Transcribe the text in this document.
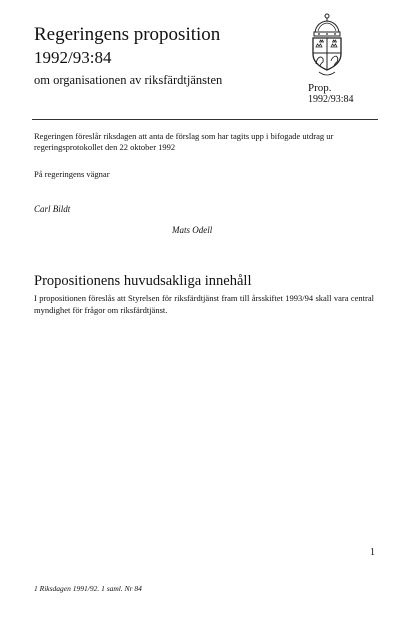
Regeringens proposition
1992/93:84
om organisationen av riksfärdtjänsten
Prop.
1992/93:84
Regeringen föreslår riksdagen att anta de förslag som har tagits upp i bifogade utdrag ur regeringsprotokollet den 22 oktober 1992
På regeringens vägnar
Carl Bildt
Mats Odell
Propositionens huvudsakliga innehåll
I propositionen föreslås att Styrelsen för riksfärdtjänst fram till årsskiftet 1993/94 skall vara central myndighet för frågor om riksfärdtjänst.
1
1 Riksdagen 1991/92. 1 saml. Nr 84
